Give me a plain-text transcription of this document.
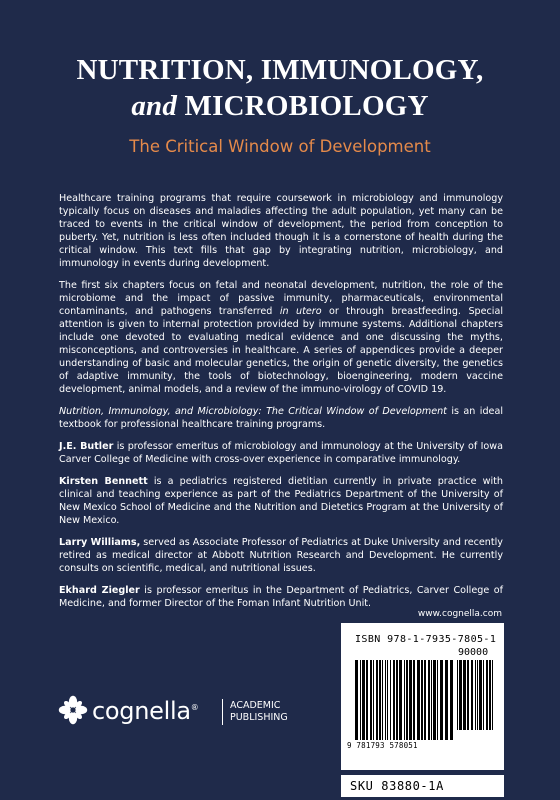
NUTRITION, IMMUNOLOGY,
and MICROBIOLOGY
The Critical Window of Development

Healthcare training programs that require coursework in microbiology and immunology typically focus on diseases and maladies affecting the adult population, yet many can be traced to events in the critical window of development, the period from conception to puberty. Yet, nutrition is less often included though it is a cornerstone of health during the critical window. This text fills that gap by integrating nutrition, microbiology, and immunology in events during development.

The first six chapters focus on fetal and neonatal development, nutrition, the role of the microbiome and the impact of passive immunity, pharmaceuticals, environmental contaminants, and pathogens transferred in utero or through breastfeeding. Special attention is given to internal protection provided by immune systems. Additional chapters include one devoted to evaluating medical evidence and one discussing the myths, misconceptions, and controversies in healthcare. A series of appendices provide a deeper understanding of basic and molecular genetics, the origin of genetic diversity, the genetics of adaptive immunity, the tools of biotechnology, bioengineering, modern vaccine development, animal models, and a review of the immuno-virology of COVID 19.

Nutrition, Immunology, and Microbiology: The Critical Window of Development is an ideal textbook for professional healthcare training programs.

J.E. Butler is professor emeritus of microbiology and immunology at the University of Iowa Carver College of Medicine with cross-over experience in comparative immunology.

Kirsten Bennett is a pediatrics registered dietitian currently in private practice with clinical and teaching experience as part of the Pediatrics Department of the University of New Mexico School of Medicine and the Nutrition and Dietetics Program at the University of New Mexico.

Larry Williams, served as Associate Professor of Pediatrics at Duke University and recently retired as medical director at Abbott Nutrition Research and Development. He currently consults on scientific, medical, and nutritional issues.

Ekhard Ziegler is professor emeritus in the Department of Pediatrics, Carver College of Medicine, and former Director of the Foman Infant Nutrition Unit.

www.cognella.com
cognella®	ACADEMIC
PUBLISHING
ISBN 978-1-7935-7805-1
90000
9 781793 578051
SKU 83880-1A
